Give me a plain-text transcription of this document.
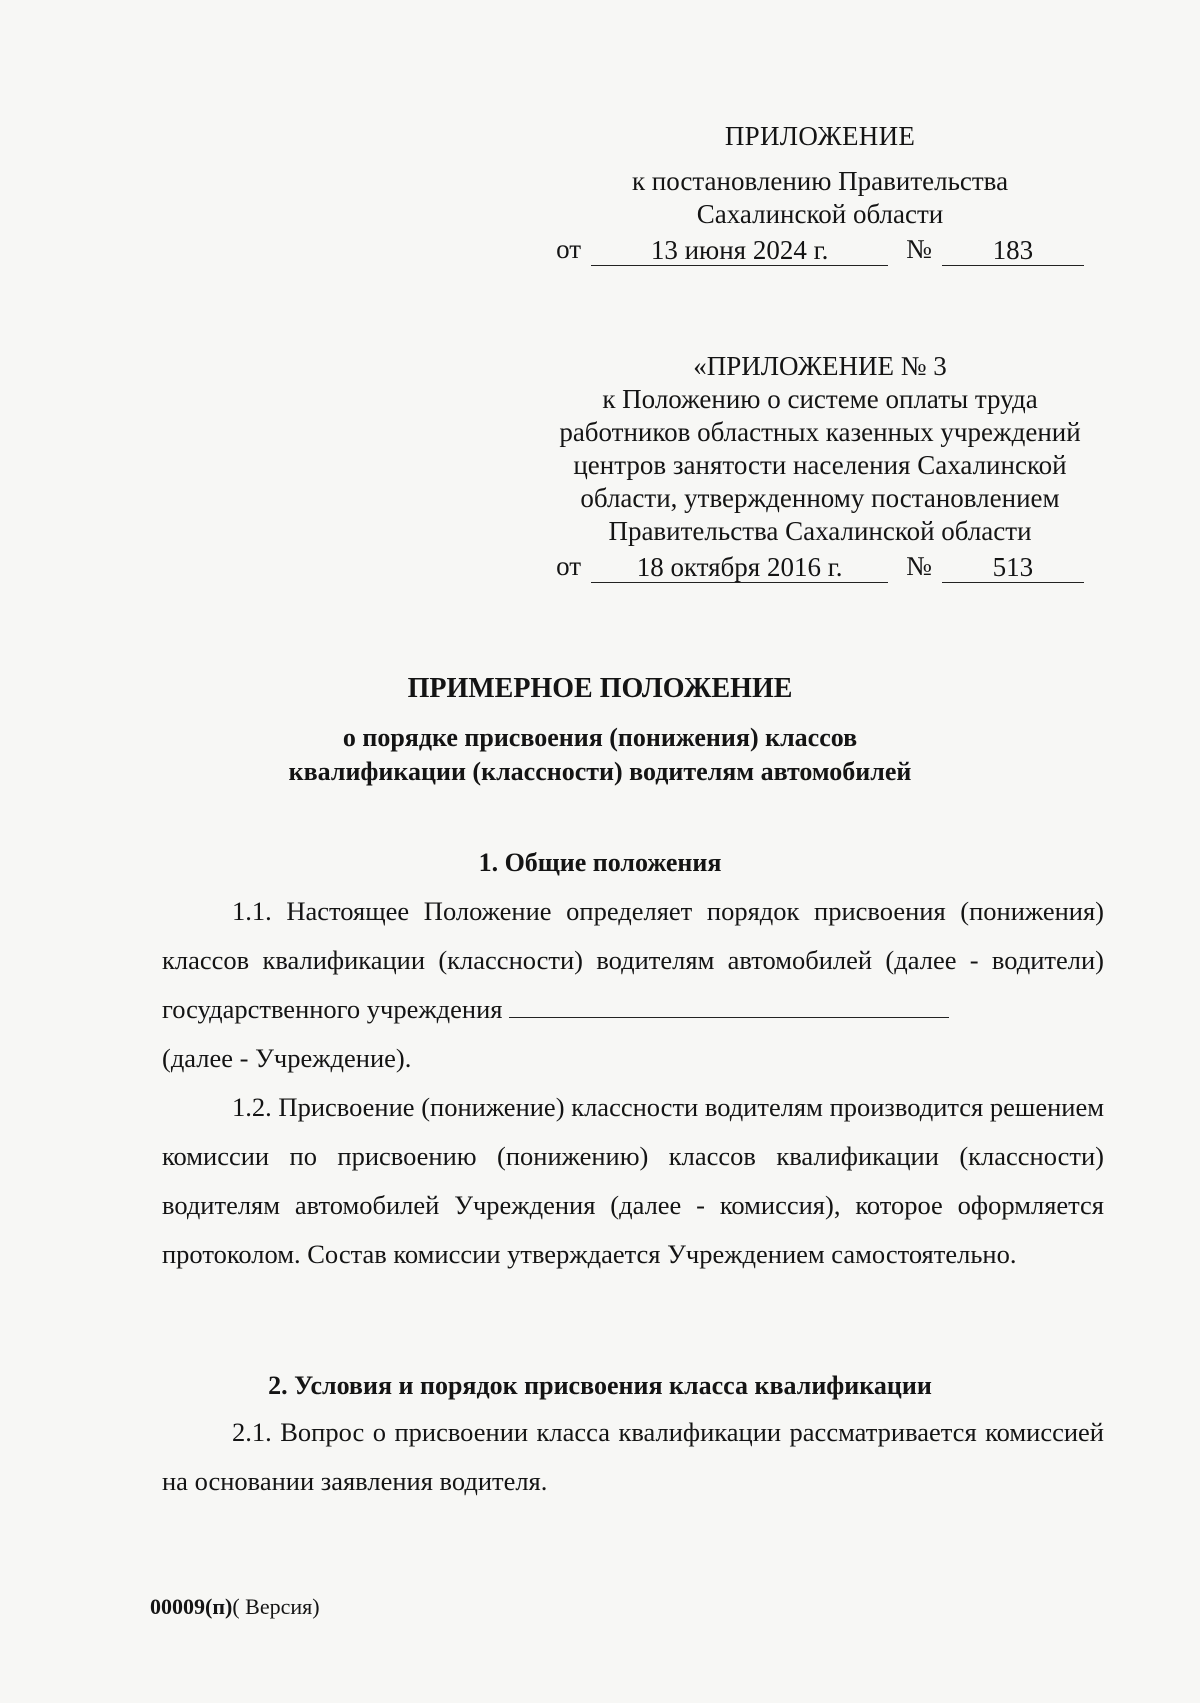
ПРИЛОЖЕНИЕ
к постановлению Правительства
Сахалинской области
от	13 июня 2024 г.	№	183
«ПРИЛОЖЕНИЕ № 3
к Положению о системе оплаты труда
работников областных казенных учреждений
центров занятости населения Сахалинской
области, утвержденному постановлением
Правительства Сахалинской области
от	18 октября 2016 г.	№	513
ПРИМЕРНОЕ ПОЛОЖЕНИЕ
о порядке присвоения (понижения) классов
квалификации (классности) водителям автомобилей
1. Общие положения

1.1. Настоящее Положение определяет порядок присвоения (понижения) классов квалификации (классности) водителям автомобилей (далее - водители) государственного учреждения

(далее - Учреждение).

1.2. Присвоение (понижение) классности водителям производится решением комиссии по присвоению (понижению) классов квалификации (классности) водителям автомобилей Учреждения (далее - комиссия), которое оформляется протоколом. Состав комиссии утверждается Учреждением самостоятельно.

2. Условия и порядок присвоения класса квалификации

2.1. Вопрос о присвоении класса квалификации рассматривается комиссией на основании заявления водителя.

00009(п)( Версия)
